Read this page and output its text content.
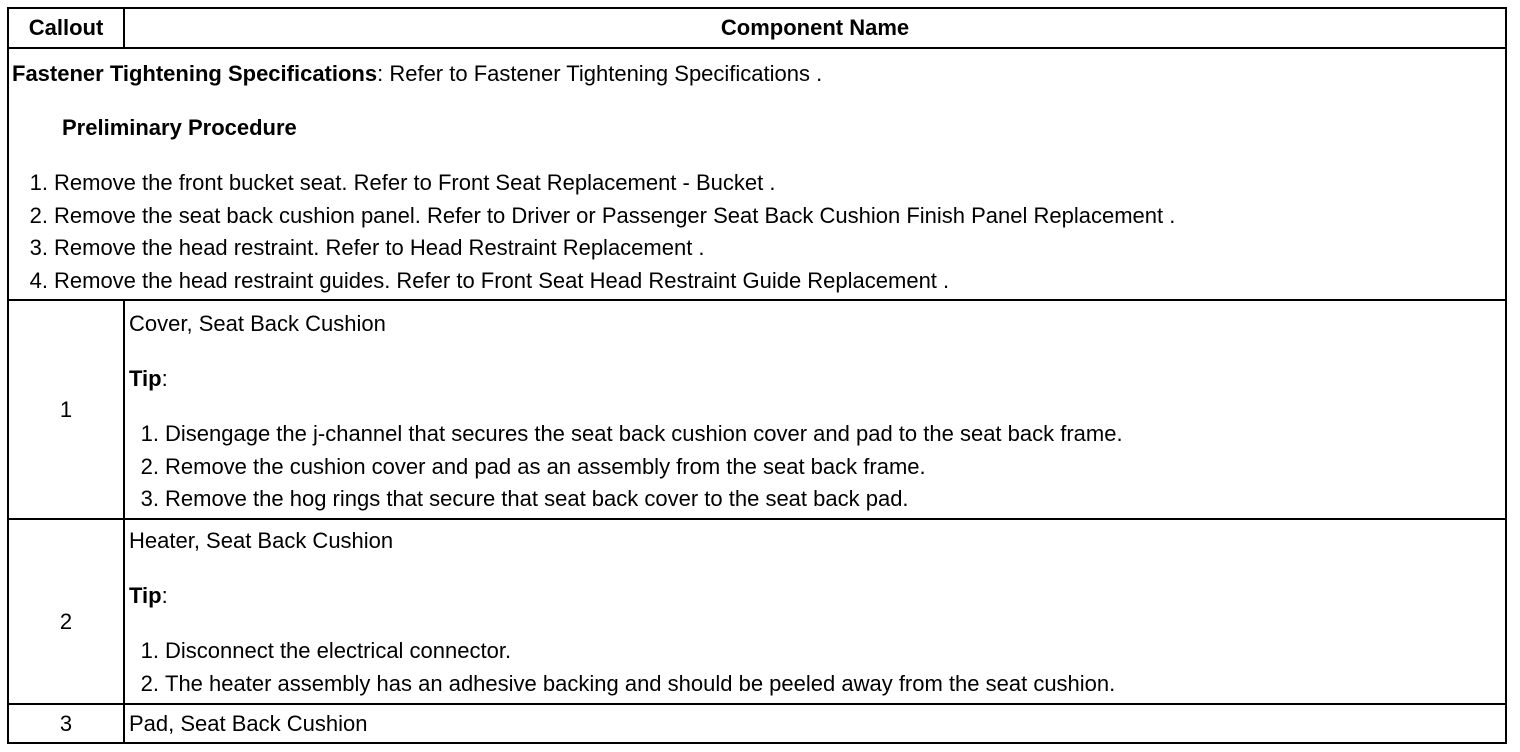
Callout	Component Name
Fastener Tightening Specifications: Refer to Fastener Tightening Specifications .
Preliminary Procedure
1. Remove the front bucket seat. Refer to Front Seat Replacement - Bucket .
2. Remove the seat back cushion panel. Refer to Driver or Passenger Seat Back Cushion Finish Panel Replacement .
3. Remove the head restraint. Refer to Head Restraint Replacement .
4. Remove the head restraint guides. Refer to Front Seat Head Restraint Guide Replacement .
1
Cover, Seat Back Cushion
Tip:
1. Disengage the j-channel that secures the seat back cushion cover and pad to the seat back frame.
2. Remove the cushion cover and pad as an assembly from the seat back frame.
3. Remove the hog rings that secure that seat back cover to the seat back pad.
2
Heater, Seat Back Cushion
Tip:
1. Disconnect the electrical connector.
2. The heater assembly has an adhesive backing and should be peeled away from the seat cushion.
3	Pad, Seat Back Cushion
